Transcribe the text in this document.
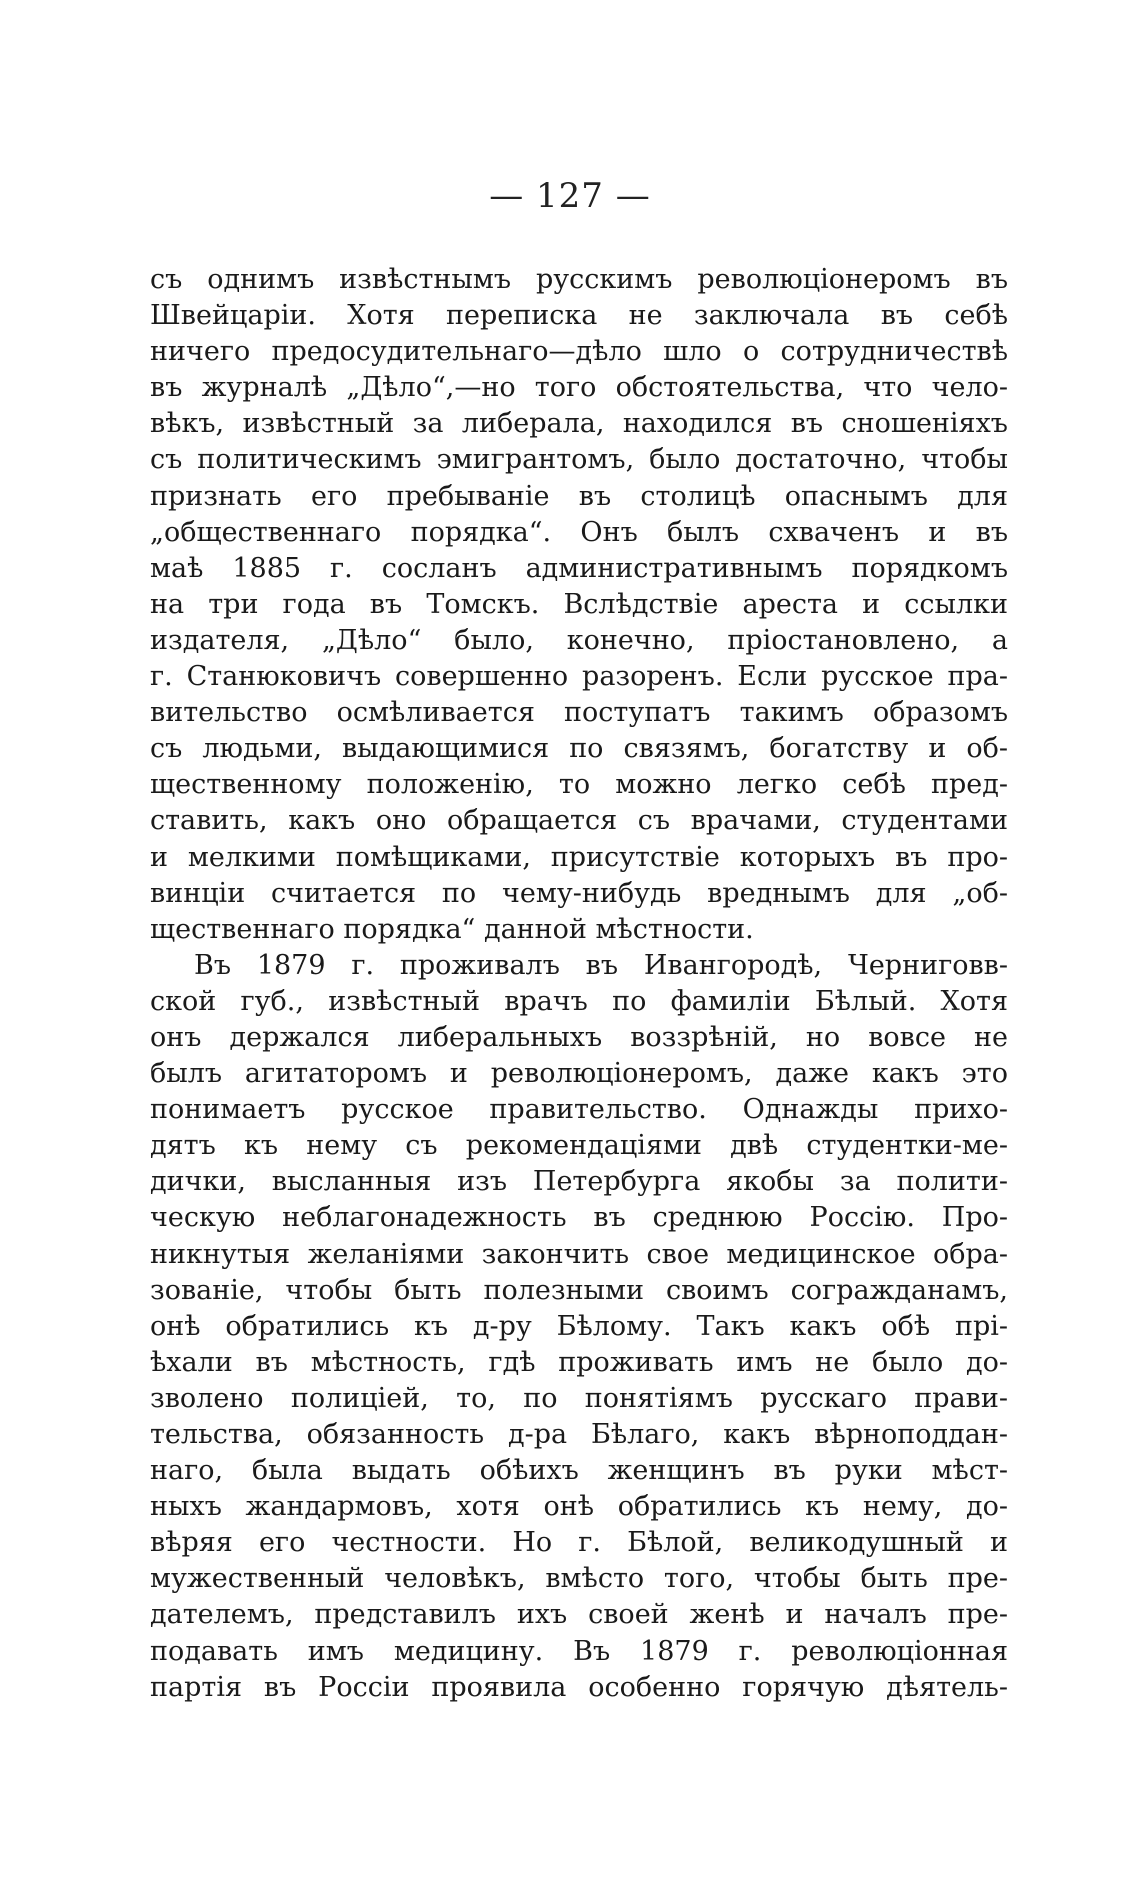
— 127 —
съ однимъ извѣстнымъ русскимъ революціонеромъ въ
Швейцаріи. Хотя переписка не заключала въ себѣ
ничего предосудительнаго—дѣло шло о сотрудничествѣ
въ журналѣ „Дѣло“,—но того обстоятельства, что чело-
вѣкъ, извѣстный за либерала, находился въ сношеніяхъ
съ политическимъ эмигрантомъ, было достаточно, чтобы
признать его пребываніе въ столицѣ опаснымъ для
„общественнаго порядка“. Онъ былъ схваченъ и въ
маѣ 1885 г. сосланъ административнымъ порядкомъ
на три года въ Томскъ. Вслѣдствіе ареста и ссылки
издателя, „Дѣло“ было, конечно, пріостановлено, а
г. Станюковичъ совершенно разоренъ. Если русское пра-
вительство осмѣливается поступатъ такимъ образомъ
съ людьми, выдающимися по связямъ, богатству и об-
щественному положенію, то можно легко себѣ пред-
ставить, какъ оно обращается съ врачами, студентами
и мелкими помѣщиками, присутствіе которыхъ въ про-
винціи считается по чему-нибудь вреднымъ для „об-
щественнаго порядка“ данной мѣстности.
Въ 1879 г. проживалъ въ Ивангородѣ, Черниговв-
ской губ., извѣстный врачъ по фамиліи Бѣлый. Хотя
онъ держался либеральныхъ воззрѣній, но вовсе не
былъ агитаторомъ и революціонеромъ, даже какъ это
понимаетъ русское правительство. Однажды прихо-
дятъ къ нему съ рекомендаціями двѣ студентки-ме-
дички, высланныя изъ Петербурга якобы за полити-
ческую неблагонадежность въ среднюю Россію. Про-
никнутыя желаніями закончить свое медицинское обра-
зованіе, чтобы быть полезными своимъ согражданамъ,
онѣ обратились къ д-ру Бѣлому. Такъ какъ обѣ прі-
ѣхали въ мѣстность, гдѣ проживать имъ не было до-
зволено полиціей, то, по понятіямъ русскаго прави-
тельства, обязанность д-ра Бѣлаго, какъ вѣрноподдан-
наго, была выдать обѣихъ женщинъ въ руки мѣст-
ныхъ жандармовъ, хотя онѣ обратились къ нему, до-
вѣряя его честности. Но г. Бѣлой, великодушный и
мужественный человѣкъ, вмѣсто того, чтобы быть пре-
дателемъ, представилъ ихъ своей женѣ и началъ пре-
подавать имъ медицину. Въ 1879 г. революціонная
партія въ Россіи проявила особенно горячую дѣятель-
